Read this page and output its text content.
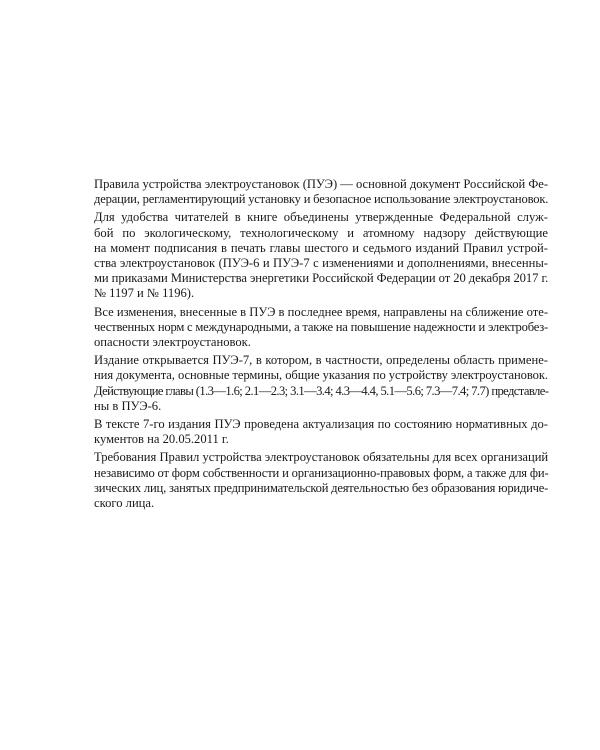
Правила устройства электроустановок (ПУЭ) — основной документ Российской Фе-
дерации, регламентирующий установку и безопасное использование электроустановок.

Для удобства читателей в книге объединены утвержденные Федеральной служ-
бой по экологическому, технологическому и атомному надзору действующие
на момент подписания в печать главы шестого и седьмого изданий Правил устрой-
ства электроустановок (ПУЭ-6 и ПУЭ-7 с изменениями и дополнениями, внесенны-
ми приказами Министерства энергетики Российской Федерации от 20 декабря 2017 г.
№ 1197 и № 1196).

Все изменения, внесенные в ПУЭ в последнее время, направлены на сближение оте-
чественных норм с международными, а также на повышение надежности и электробез-
опасности электроустановок.

Издание открывается ПУЭ-7, в котором, в частности, определены область примене-
ния документа, основные термины, общие указания по устройству электроустановок.
Действующие главы (1.3—1.6; 2.1—2.3; 3.1—3.4; 4.3—4.4, 5.1—5.6; 7.3—7.4; 7.7) представле-
ны в ПУЭ-6.

В тексте 7-го издания ПУЭ проведена актуализация по состоянию нормативных до-
кументов на 20.05.2011 г.

Требования Правил устройства электроустановок обязательны для всех организаций
независимо от форм собственности и организационно-правовых форм, а также для фи-
зических лиц, занятых предпринимательской деятельностью без образования юридиче-
ского лица.
